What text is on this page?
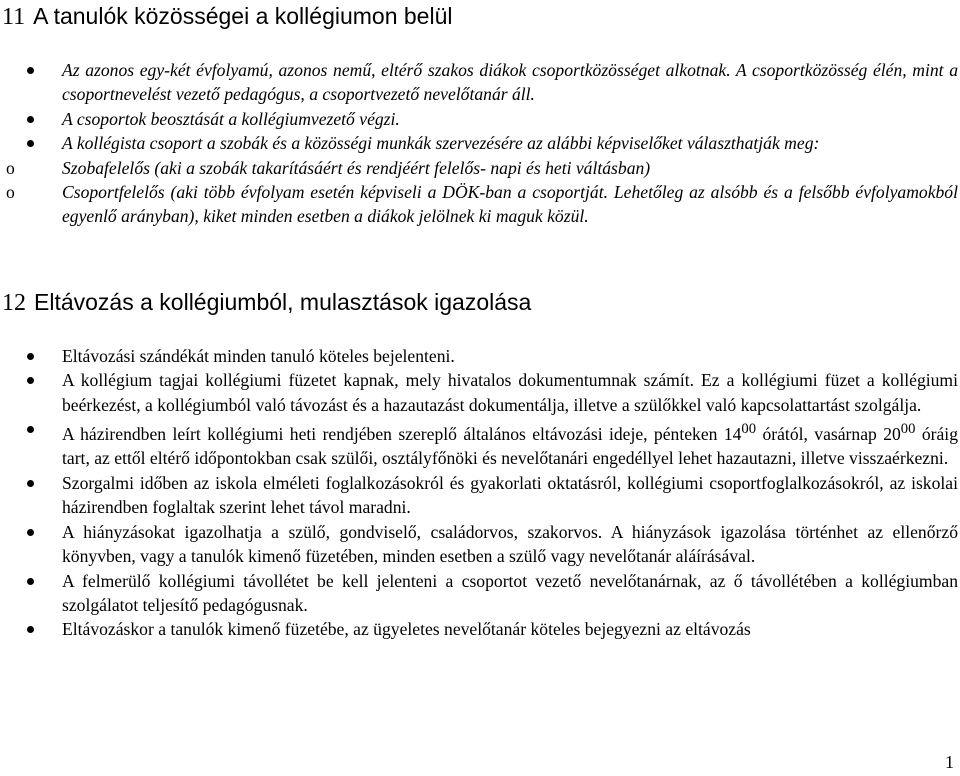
11 A tanulók közösségei a kollégiumon belül
Az azonos egy-két évfolyamú, azonos nemű, eltérő szakos diákok csoportközösséget alkotnak. A csoportközösség élén, mint a csoportnevelést vezető pedagógus, a csoportvezető nevelőtanár áll.
A csoportok beosztását a kollégiumvezető végzi.
A kollégista csoport a szobák és a közösségi munkák szervezésére az alábbi képviselőket választhatják meg:
o	Szobafelelős (aki a szobák takarításáért és rendjéért felelős- napi és heti váltásban)
o	Csoportfelelős (aki több évfolyam esetén képviseli a DÖK-ban a csoportját. Lehetőleg az alsóbb és a felsőbb évfolyamokból egyenlő arányban), kiket minden esetben a diákok jelölnek ki maguk közül.
12 Eltávozás a kollégiumból, mulasztások igazolása
Eltávozási szándékát minden tanuló köteles bejelenteni.
A kollégium tagjai kollégiumi füzetet kapnak, mely hivatalos dokumentumnak számít. Ez a kollégiumi füzet a kollégiumi beérkezést, a kollégiumból való távozást és a hazautazást dokumentálja, illetve a szülőkkel való kapcsolattartást szolgálja.
A házirendben leírt kollégiumi heti rendjében szereplő általános eltávozási ideje, pénteken $14^{00}$ órától, vasárnap $20^{00}$ óráig tart, az ettől eltérő időpontokban csak szülői, osztályfőnöki és nevelőtanári engedéllyel lehet hazautazni, illetve visszaérkezni.
Szorgalmi időben az iskola elméleti foglalkozásokról és gyakorlati oktatásról, kollégiumi csoportfoglalkozásokról, az iskolai házirendben foglaltak szerint lehet távol maradni.
A hiányzásokat igazolhatja a szülő, gondviselő, családorvos, szakorvos. A hiányzások igazolása történhet az ellenőrző könyvben, vagy a tanulók kimenő füzetében, minden esetben a szülő vagy nevelőtanár aláírásával.
A felmerülő kollégiumi távollétet be kell jelenteni a csoportot vezető nevelőtanárnak, az ő távollétében a kollégiumban szolgálatot teljesítő pedagógusnak.
Eltávozáskor a tanulók kimenő füzetébe, az ügyeletes nevelőtanár köteles bejegyezni az eltávozás
1
